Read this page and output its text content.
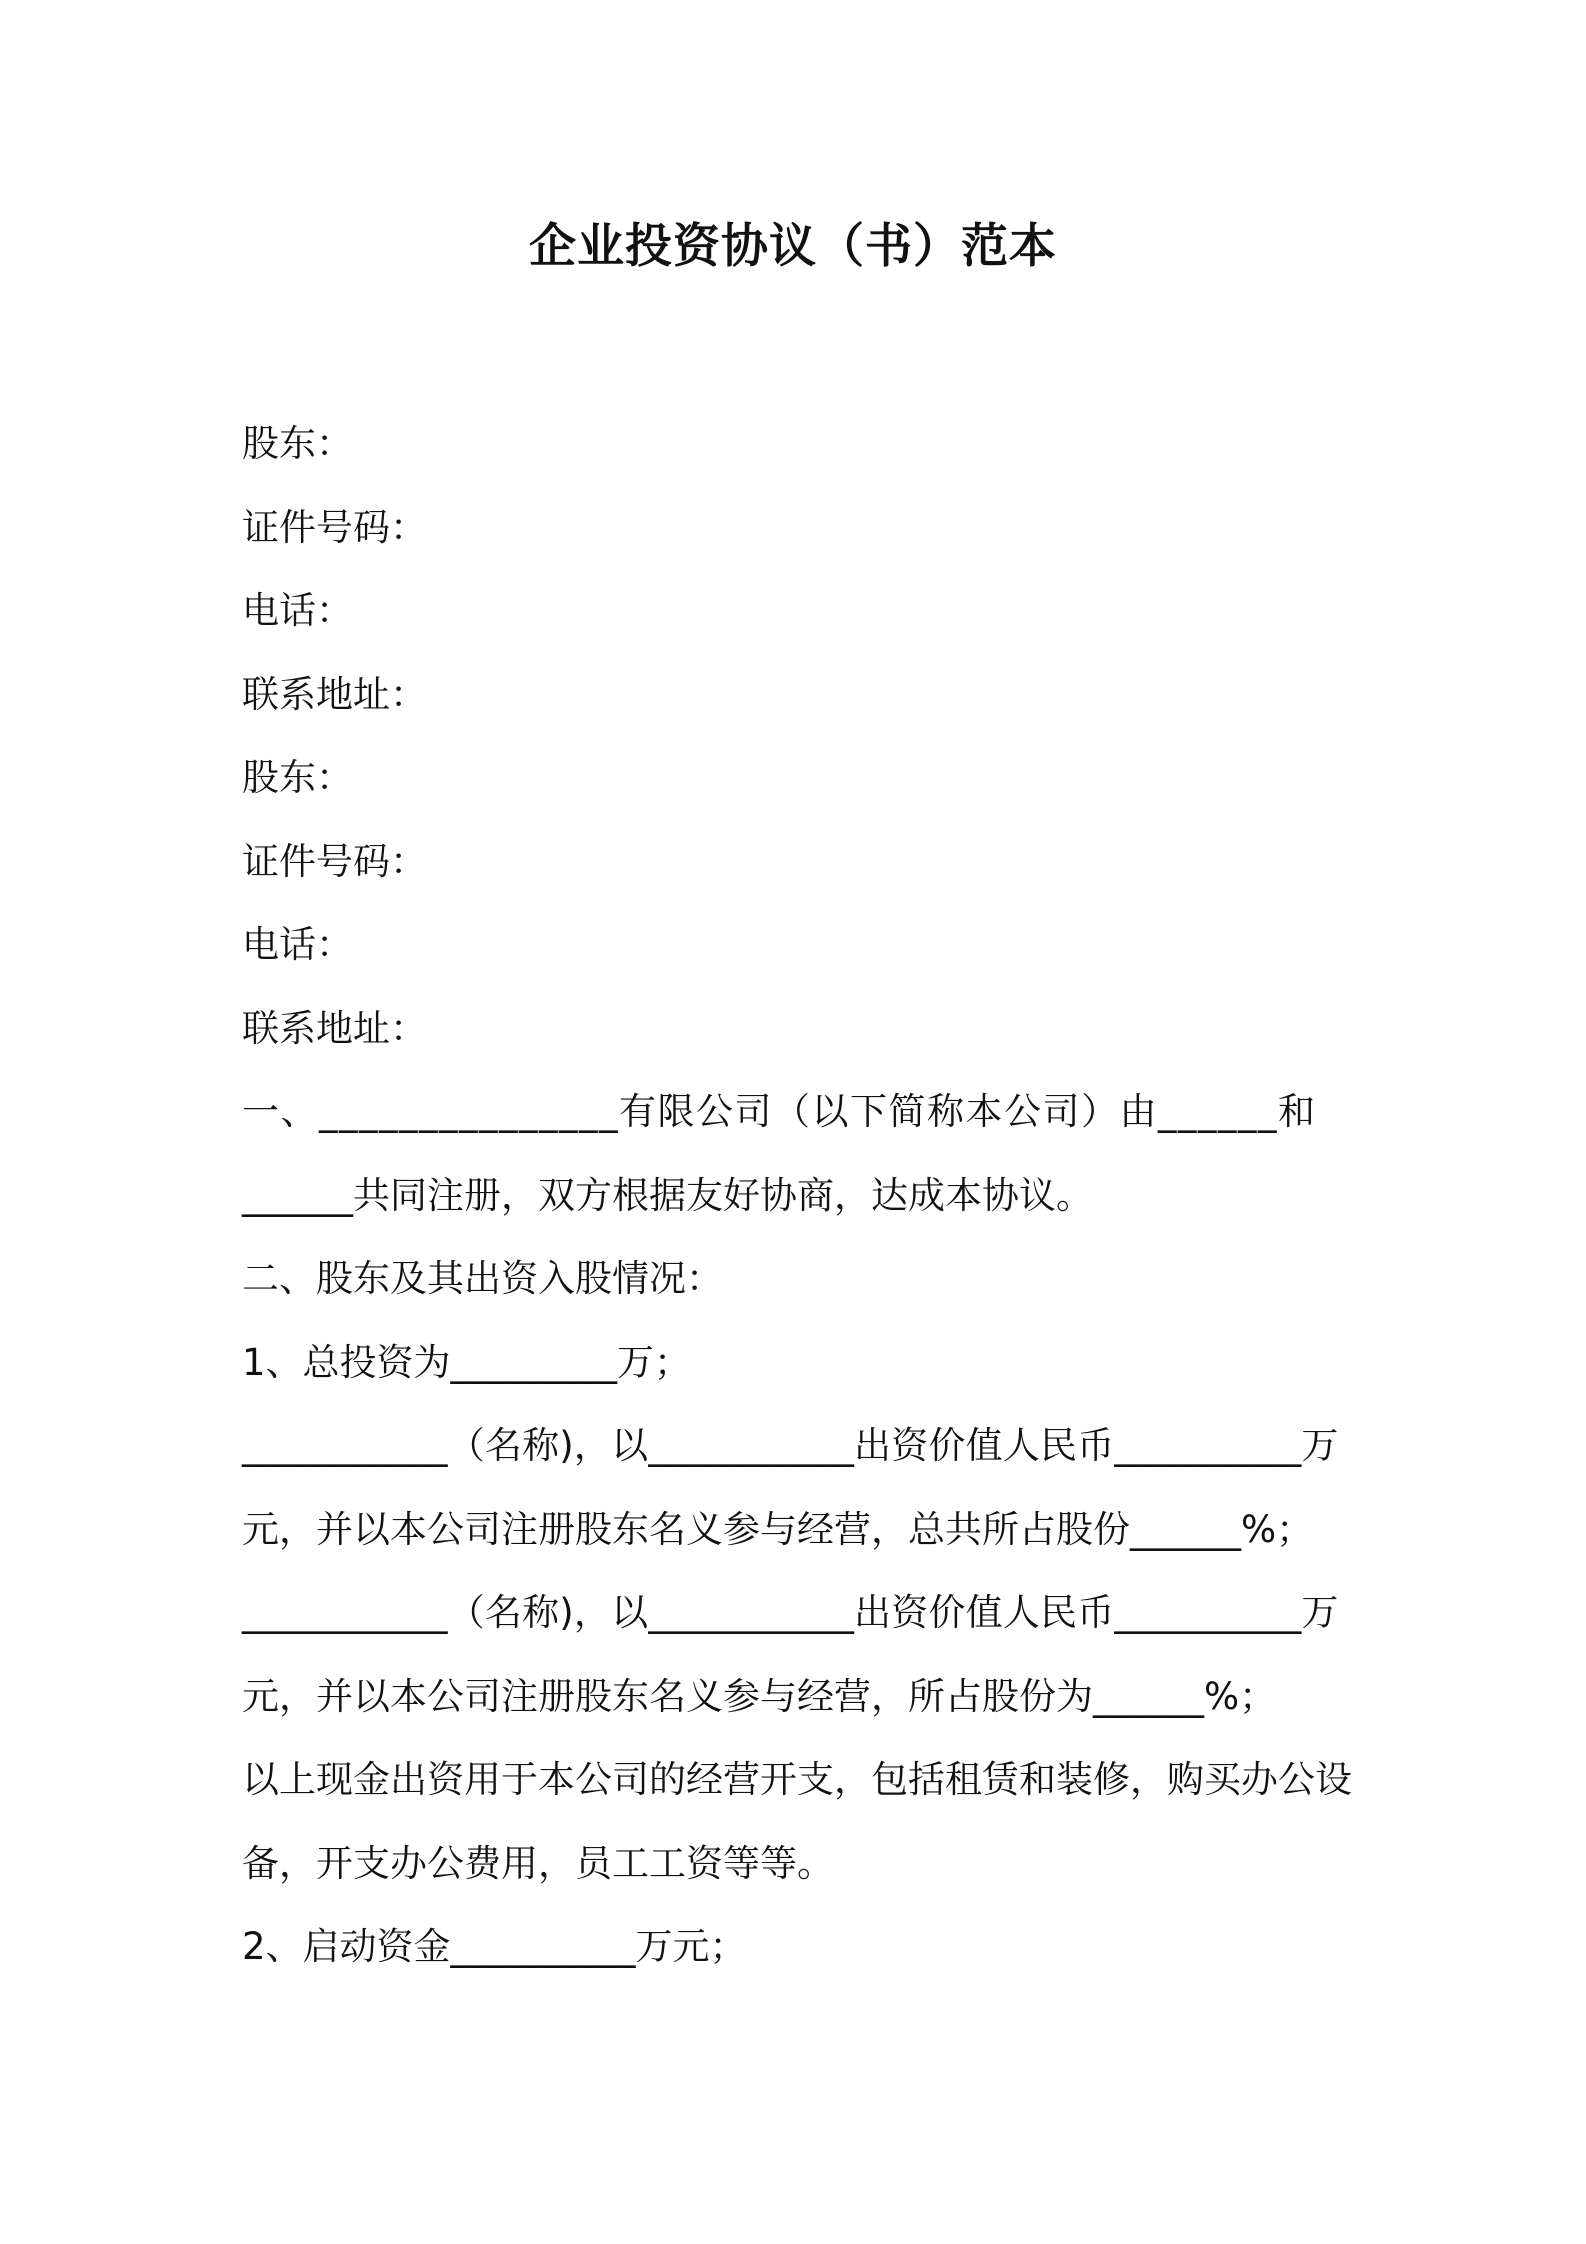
企业投资协议（书）范本

股东：

证件号码：

电话：

联系地址：

股东：

证件号码：

电话：

联系地址：

一、_______________有限公司（以下简称本公司）由______和

______共同注册，双方根据友好协商，达成本协议。

二、股东及其出资入股情况：

1、总投资为_________万；

___________（名称)，以___________出资价值人民币__________万

元，并以本公司注册股东名义参与经营，总共所占股份______%；

___________（名称)，以___________出资价值人民币__________万

元，并以本公司注册股东名义参与经营，所占股份为______%；

以上现金出资用于本公司的经营开支，包括租赁和装修，购买办公设

备，开支办公费用，员工工资等等。

2、启动资金__________万元；
